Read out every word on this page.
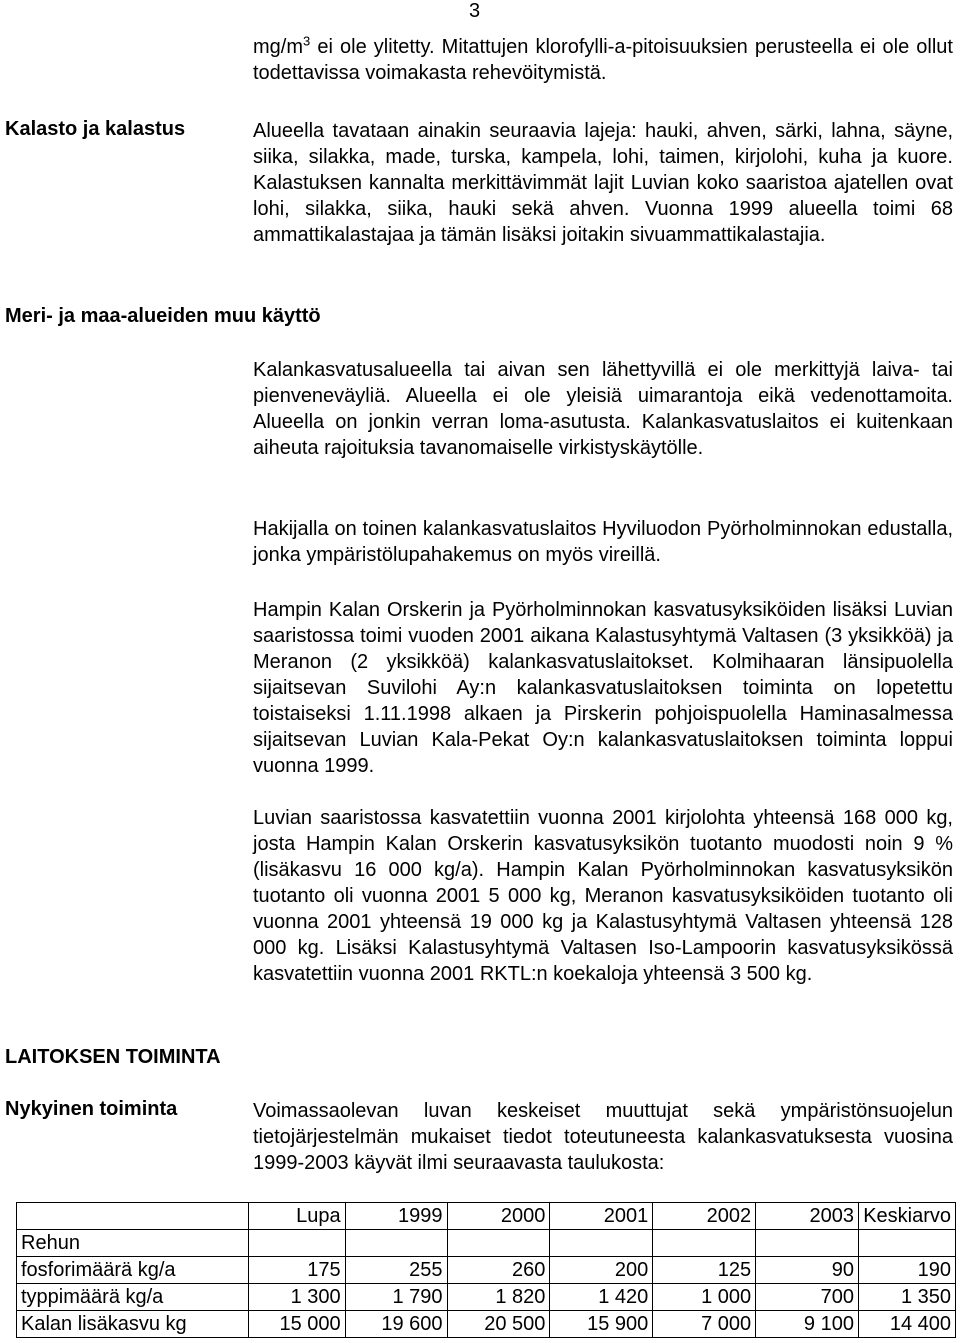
3

$mg/m^3$ ei ole ylitetty. Mitattujen klorofylli-a-pitoisuuksien perusteella ei ole ollut todettavissa voimakasta rehevöitymistä.

Kalasto ja kalastus	Alueella tavataan ainakin seuraavia lajeja: hauki, ahven, särki, lahna, säyne, siika, silakka, made, turska, kampela, lohi, taimen, kirjolohi, kuha ja kuore. Kalastuksen kannalta merkittävimmät lajit Luvian koko saaristoa ajatellen ovat lohi, silakka, siika, hauki sekä ahven. Vuonna 1999 alueella toimi 68 ammattikalastajaa ja tämän lisäksi joitakin sivuammattikalastajia.

Meri- ja maa-alueiden muu käyttö

Kalankasvatusalueella tai aivan sen lähettyvillä ei ole merkittyjä laiva- tai pienveneväyliä. Alueella ei ole yleisiä uimarantoja eikä vedenottamoita. Alueella on jonkin verran loma-asutusta. Kalankasvatuslaitos ei kuitenkaan aiheuta rajoituksia tavanomaiselle virkistyskäytölle.

Hakijalla on toinen kalankasvatuslaitos Hyviluodon Pyörholminnokan edustalla, jonka ympäristölupahakemus on myös vireillä.

Hampin Kalan Orskerin ja Pyörholminnokan kasvatusyksiköiden lisäksi Luvian saaristossa toimi vuoden 2001 aikana Kalastusyhtymä Valtasen (3 yksikköä) ja Meranon (2 yksikköä) kalankasvatuslaitokset. Kolmihaaran länsipuolella sijaitsevan Suvilohi Ay:n kalankasvatuslaitoksen toiminta on lopetettu toistaiseksi 1.11.1998 alkaen ja Pirskerin pohjoispuolella Haminasalmessa sijaitsevan Luvian Kala-Pekat Oy:n kalankasvatuslaitoksen toiminta loppui vuonna 1999.

Luvian saaristossa kasvatettiin vuonna 2001 kirjolohta yhteensä 168 000 kg, josta Hampin Kalan Orskerin kasvatusyksikön tuotanto muodosti noin 9 % (lisäkasvu 16 000 kg/a). Hampin Kalan Pyörholminnokan kasvatusyksikön tuotanto oli vuonna 2001 5 000 kg, Meranon kasvatusyksiköiden tuotanto oli vuonna 2001 yhteensä 19 000 kg ja Kalastusyhtymä Valtasen yhteensä 128 000 kg. Lisäksi Kalastusyhtymä Valtasen Iso-Lampoorin kasvatusyksikössä kasvatettiin vuonna 2001 RKTL:n koekaloja yhteensä 3 500 kg.

LAITOKSEN TOIMINTA
Nykyinen toiminta	Voimassaolevan luvan keskeiset muuttujat sekä ympäristönsuojelun tietojärjestelmän mukaiset tiedot toteutuneesta kalankasvatuksesta vuosina 1999-2003 käyvät ilmi seuraavasta taulukosta:

	Lupa	1999	2000	2001	2002	2003	Keskiarvo
Rehun							
fosforimäärä kg/a	175	255	260	200	125	90	190
typpimäärä kg/a	1 300	1 790	1 820	1 420	1 000	700	1 350
Kalan lisäkasvu kg	15 000	19 600	20 500	15 900	7 000	9 100	14 400
